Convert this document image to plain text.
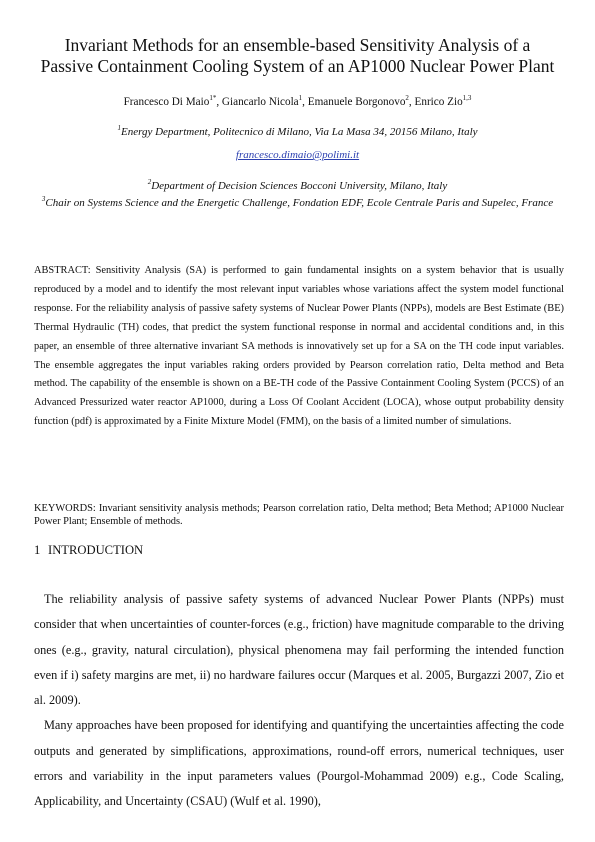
Invariant Methods for an ensemble-based Sensitivity Analysis of a
Passive Containment Cooling System of an AP1000 Nuclear Power Plant
Francesco Di Maio$^{1*}$, Giancarlo Nicola$^1$, Emanuele Borgonovo$^2$, Enrico Zio$^{1,3}$
$^1$Energy Department, Politecnico di Milano, Via La Masa 34, 20156 Milano, Italy
francesco.dimaio@polimi.it
$^2$Department of Decision Sciences Bocconi University, Milano, Italy
$^3$Chair on Systems Science and the Energetic Challenge, Fondation EDF, Ecole Centrale Paris and Supelec, France
ABSTRACT: Sensitivity Analysis (SA) is performed to gain fundamental insights on a system behavior that is usually reproduced by a model and to identify the most relevant input variables whose variations affect the system model functional response. For the reliability analysis of passive safety systems of Nuclear Power Plants (NPPs), models are Best Estimate (BE) Thermal Hydraulic (TH) codes, that predict the system functional response in normal and accidental conditions and, in this paper, an ensemble of three alternative invariant SA methods is innovatively set up for a SA on the TH code input variables. The ensemble aggregates the input variables raking orders provided by Pearson correlation ratio, Delta method and Beta method. The capability of the ensemble is shown on a BE-TH code of the Passive Containment Cooling System (PCCS) of an Advanced Pressurized water reactor AP1000, during a Loss Of Coolant Accident (LOCA), whose output probability density function (pdf) is approximated by a Finite Mixture Model (FMM), on the basis of a limited number of simulations.
KEYWORDS: Invariant sensitivity analysis methods; Pearson correlation ratio, Delta method; Beta Method; AP1000 Nuclear Power Plant; Ensemble of methods.
1 INTRODUCTION

The reliability analysis of passive safety systems of advanced Nuclear Power Plants (NPPs) must consider that when uncertainties of counter-forces (e.g., friction) have magnitude comparable to the driving ones (e.g., gravity, natural circulation), physical phenomena may fail performing the intended function even if i) safety margins are met, ii) no hardware failures occur (Marques et al. 2005, Burgazzi 2007, Zio et al. 2009).

Many approaches have been proposed for identifying and quantifying the uncertainties affecting the code outputs and generated by simplifications, approximations, round-off errors, numerical techniques, user errors and variability in the input parameters values (Pourgol-Mohammad 2009) e.g., Code Scaling, Applicability, and Uncertainty (CSAU) (Wulf et al. 1990),
